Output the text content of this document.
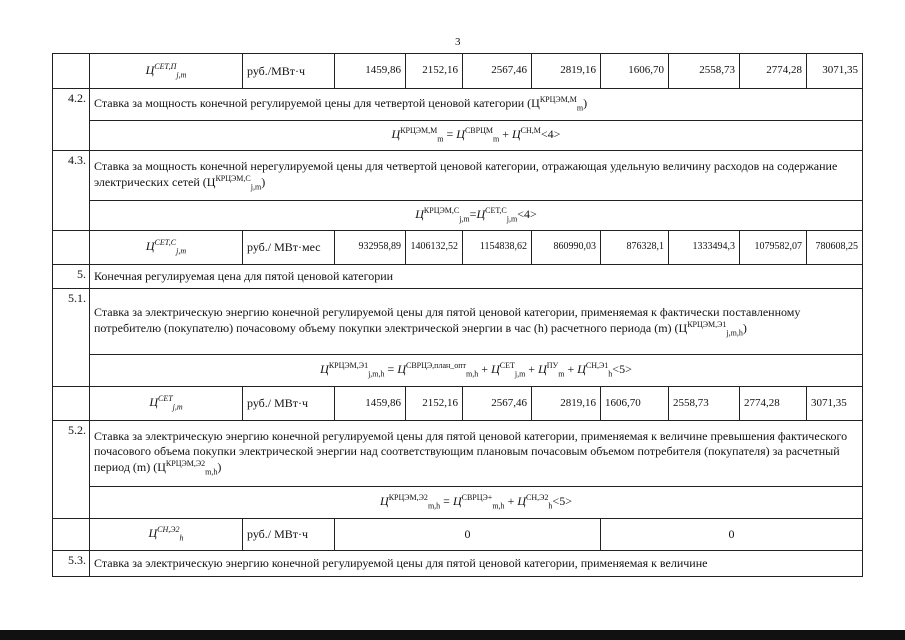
3
	$Ц^{СЕТ,П}_{j,m}$	руб./МВт·ч	1459,86	2152,16	2567,46	2819,16	1606,70	2558,73	2774,28	3071,35
4.2.	Ставка за мощность конечной регулируемой цены для четвертой ценовой категории $(Ц^{КРЦЭМ,М}_m)$									
	$Ц^{КРЦЭМ,М}_m = Ц^{СВРЦМ}_m + Ц^{СН,М}<4>$									
4.3.	Ставка за мощность конечной нерегулируемой цены для четвертой ценовой категории, отражающая удельную величину расходов на содержание электрических сетей $(Ц^{КРЦЭМ,С}_{j,m})$									
	$Ц^{КРЦЭМ,С}_{j,m}=Ц^{СЕТ,С}_{j,m}<4>$									
	$Ц^{СЕТ,С}_{j,m}$	руб./ МВт·мес	932958,89	1406132,52	1154838,62	860990,03	876328,1	1333494,3	1079582,07	780608,25
5.	Конечная регулируемая цена для пятой ценовой категории									
5.1.	Ставка за электрическую энергию конечной регулируемой цены для пятой ценовой категории, применяемая к фактически поставленному потребителю (покупателю) почасовому объему покупки электрической энергии в час (h) расчетного периода (m) $(Ц^{КРЦЭМ,Э1}_{j,m,h})$									
	$Ц^{КРЦЭМ,Э1}_{j,m,h} = Ц^{СВРЦЭ,план\_опт}_{m,h} + Ц^{СЕТ}_{j,m} + Ц^{ПУ}_m + Ц^{СН,Э1}_h<5>$									
	$Ц^{СЕТ}_{j,m}$	руб./ МВт·ч	1459,86	2152,16	2567,46	2819,16	1606,70	2558,73	2774,28	3071,35
5.2.	Ставка за электрическую энергию конечной регулируемой цены для пятой ценовой категории, применяемая к величине превышения фактического почасового объема покупки электрической энергии над соответствующим плановым почасовым объемом потребителя (покупателя) за расчетный период (m) $(Ц^{КРЦЭМ,Э2}_{m,h})$									
	$Ц^{КРЦЭМ,Э2}_{m,h} = Ц^{СВРЦЭ+}_{m,h} + Ц^{СН,Э2}_h<5>$									
	$Ц^{СН,Э2}_h$	руб./ МВт·ч	0				0			
5.3.	Ставка за электрическую энергию конечной регулируемой цены для пятой ценовой категории, применяемая к величине									
